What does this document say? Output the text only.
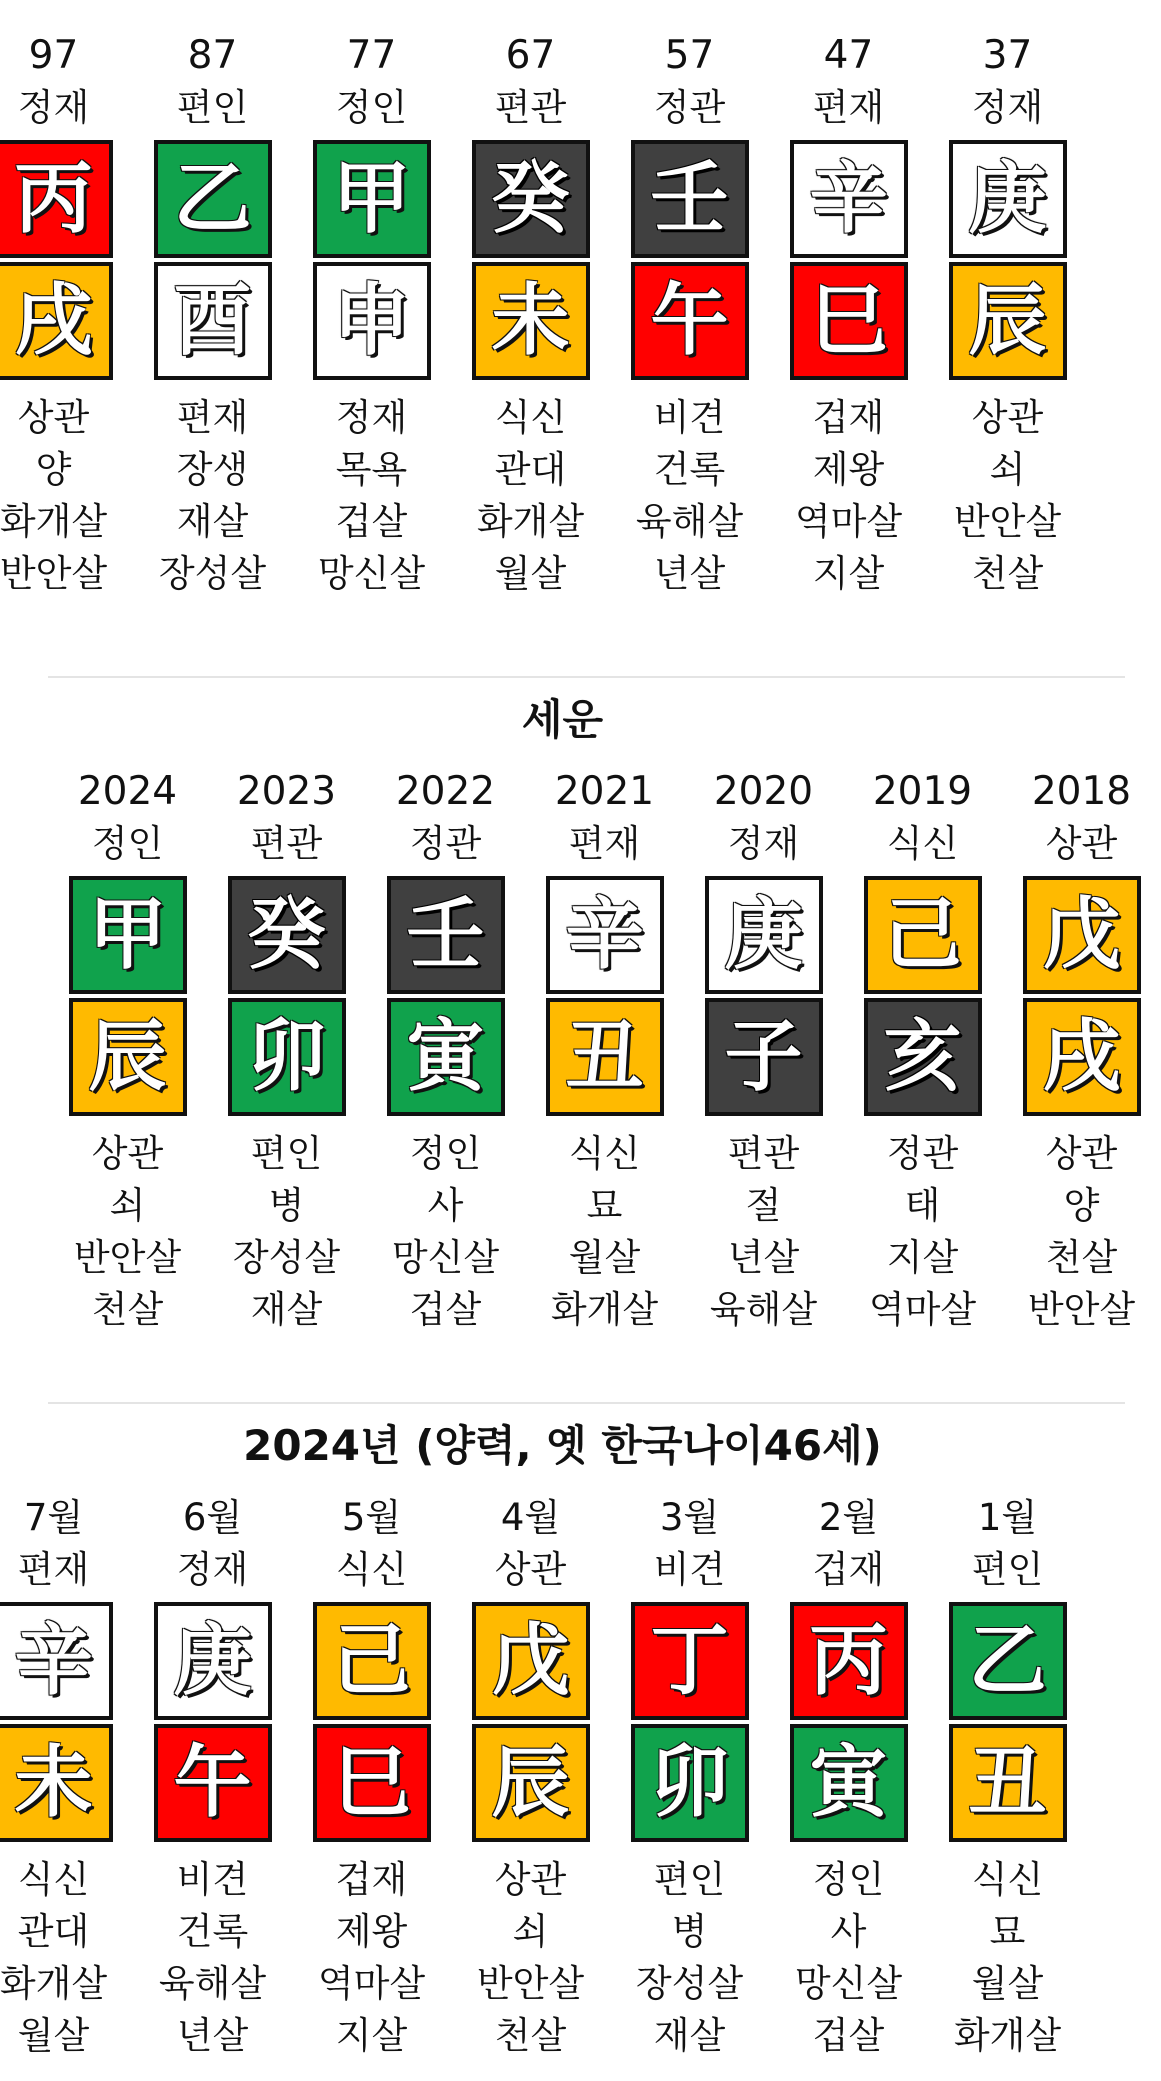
97
정재
丙
戌
상관
양
화개살
반안살
87
편인
乙
酉
편재
장생
재살
장성살
77
정인
甲
申
정재
목욕
겁살
망신살
67
편관
癸
未
식신
관대
화개살
월살
57
정관
壬
午
비견
건록
육해살
년살
47
편재
辛
巳
겁재
제왕
역마살
지살
37
정재
庚
辰
상관
쇠
반안살
천살
세운
2024
정인
甲
辰
상관
쇠
반안살
천살
2023
편관
癸
卯
편인
병
장성살
재살
2022
정관
壬
寅
정인
사
망신살
겁살
2021
편재
辛
丑
식신
묘
월살
화개살
2020
정재
庚
子
편관
절
년살
육해살
2019
식신
己
亥
정관
태
지살
역마살
2018
상관
戊
戌
상관
양
천살
반안살
2024년 (양력, 옛 한국나이46세)
7월
편재
辛
未
식신
관대
화개살
월살
6월
정재
庚
午
비견
건록
육해살
년살
5월
식신
己
巳
겁재
제왕
역마살
지살
4월
상관
戊
辰
상관
쇠
반안살
천살
3월
비견
丁
卯
편인
병
장성살
재살
2월
겁재
丙
寅
정인
사
망신살
겁살
1월
편인
乙
丑
식신
묘
월살
화개살
